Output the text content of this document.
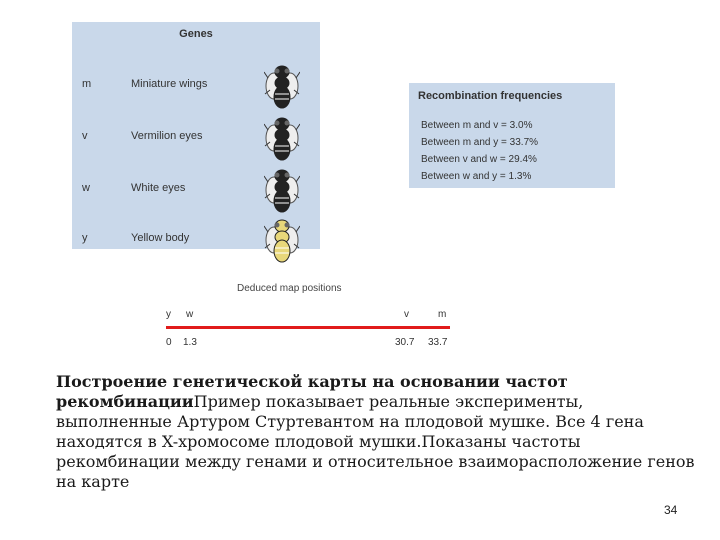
Genes
m	Miniature wings
v	Vermilion eyes
w	White eyes
y	Yellow body
Recombination frequencies
Between m and v = 3.0%
Between m and y = 33.7%
Between v and w = 29.4%
Between w and y = 1.3%
Deduced map positions
y w	v	m
0 1.3	30.7 33.7

Построение генетической карты на основании частот рекомбинацииПример показывает реальные эксперименты, выполненные Артуром Стуртевантом на плодовой мушке. Все 4 гена находятся в X-хромосоме плодовой мушки.Показаны частоты рекомбинации между генами и относительное взаиморасположение генов на карте

34
